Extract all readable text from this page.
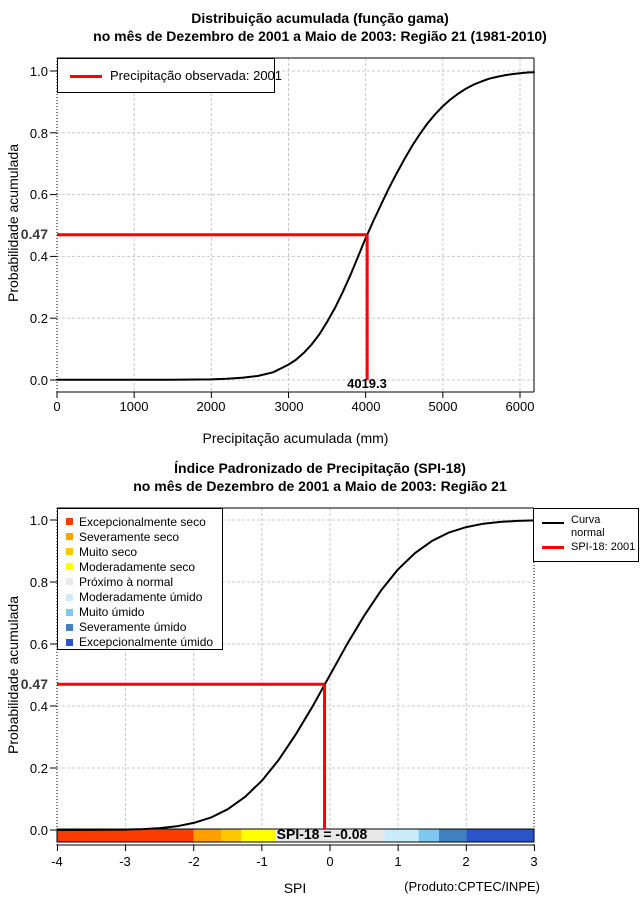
Distribuição acumulada (função gama)
no mês de Dezembro de 2001 a Maio de 2003: Região 21 (1981-2010)
Probabilidade acumulada
1.0
0.8
0.6
0.4
0.2
0.0
0.47
0	1000	2000	3000	4000	5000	6000
Precipitação acumulada (mm)
4019.3
Precipitação observada: 2001
Índice Padronizado de Precipitação (SPI-18)
no mês de Dezembro de 2001 a Maio de 2003: Região 21
Probabilidade acumulada
1.0
0.8
0.6
0.4
0.2
0.0
0.47
-4	-3	-2	-1	0	1	2	3
SPI	(Produto:CPTEC/INPE)
SPI-18 = -0.08
Excepcionalmente seco
Severamente seco
Muito seco
Moderadamente seco
Próximo à normal
Moderadamente úmido
Muito úmido
Severamente úmido
Excepcionalmente úmido
Curva
normal
SPI-18: 2001
